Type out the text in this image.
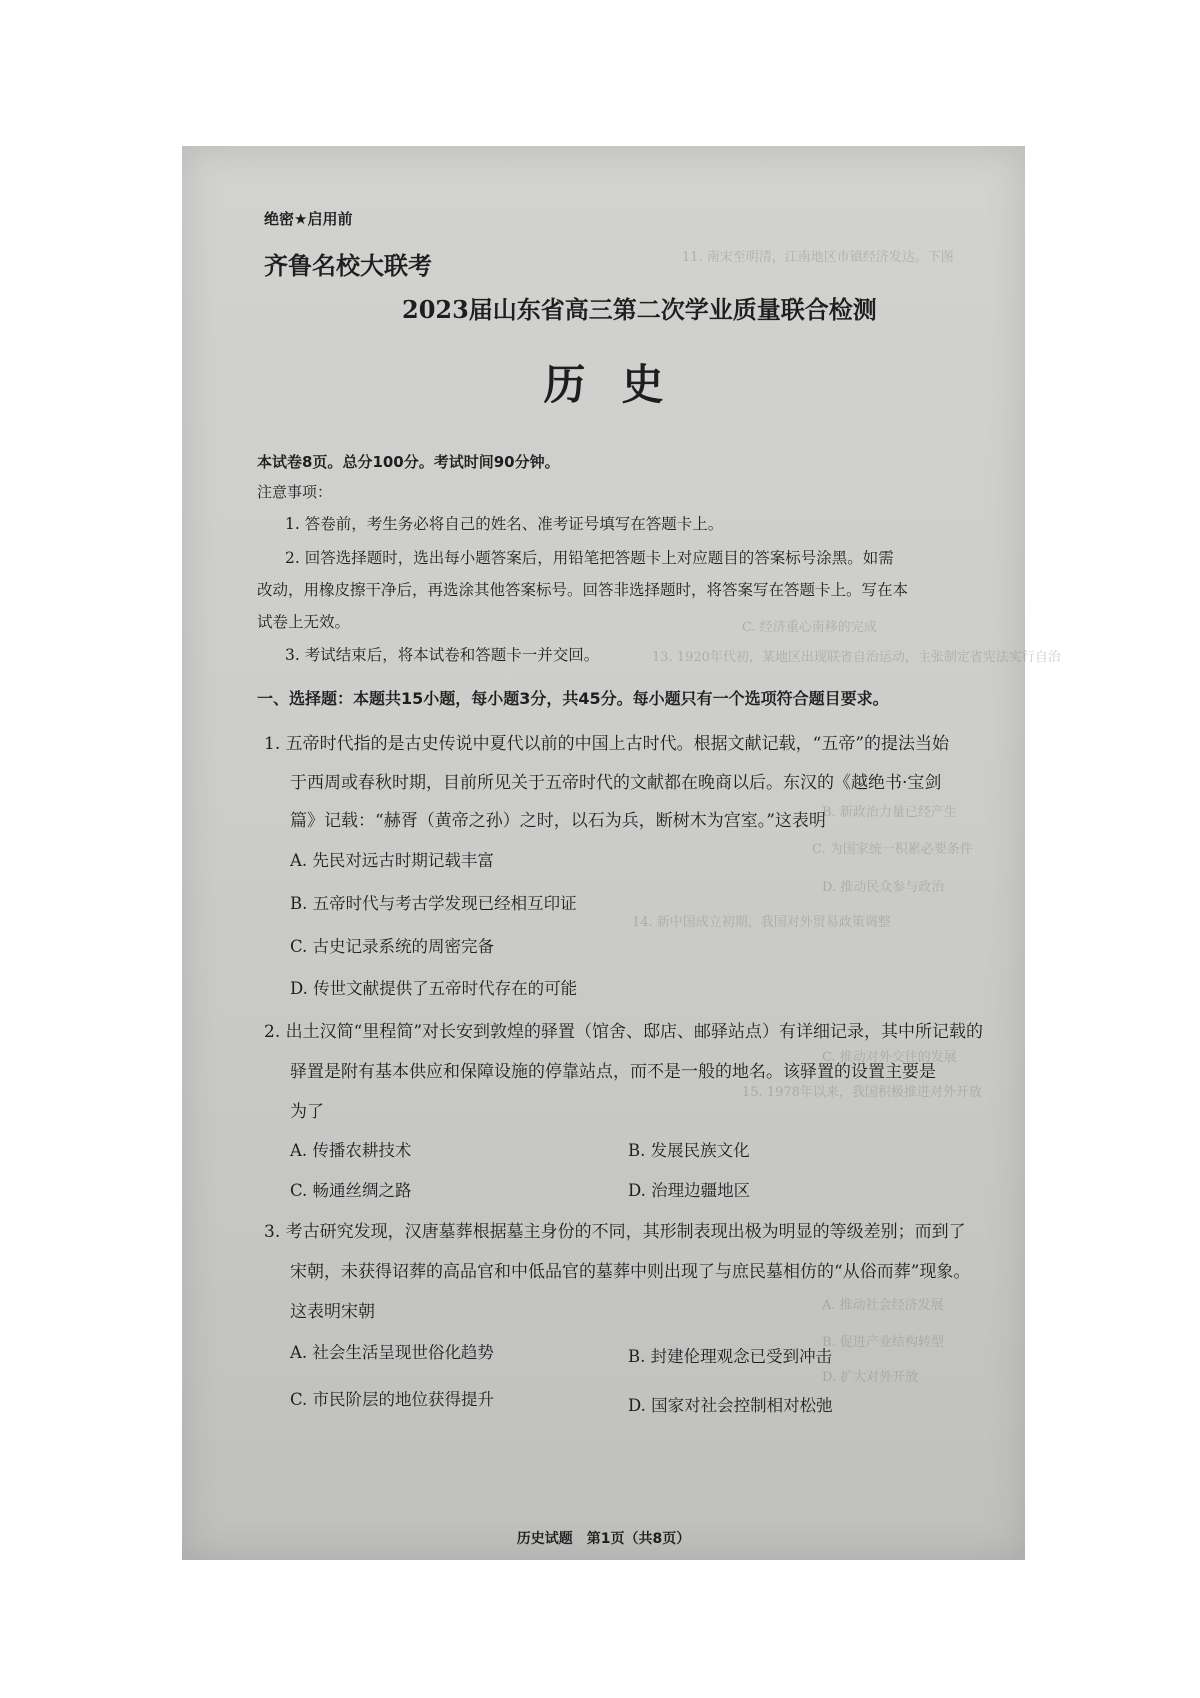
11. 南宋至明清，江南地区市镇经济发达。下图
C. 经济重心南移的完成
13. 1920年代初，某地区出现联省自治运动，主张制定省宪法实行自治
B. 新政治力量已经产生
C. 为国家统一积累必要条件
D. 推动民众参与政治
14. 新中国成立初期，我国对外贸易政策调整
C. 推动对外交往的发展
15. 1978年以来，我国积极推进对外开放
A. 推动社会经济发展
B. 促进产业结构转型
D. 扩大对外开放
绝密★启用前
齐鲁名校大联考
2023届山东省高三第二次学业质量联合检测
历史
本试卷8页。总分100分。考试时间90分钟。
注意事项：
1. 答卷前，考生务必将自己的姓名、准考证号填写在答题卡上。
2. 回答选择题时，选出每小题答案后，用铅笔把答题卡上对应题目的答案标号涂黑。如需
改动，用橡皮擦干净后，再选涂其他答案标号。回答非选择题时，将答案写在答题卡上。写在本
试卷上无效。
3. 考试结束后，将本试卷和答题卡一并交回。
一、选择题：本题共15小题，每小题3分，共45分。每小题只有一个选项符合题目要求。
1. 五帝时代指的是古史传说中夏代以前的中国上古时代。根据文献记载，“五帝”的提法当始
于西周或春秋时期，目前所见关于五帝时代的文献都在晚商以后。东汉的《越绝书·宝剑
篇》记载：“赫胥（黄帝之孙）之时，以石为兵，断树木为宫室。”这表明
A. 先民对远古时期记载丰富
B. 五帝时代与考古学发现已经相互印证
C. 古史记录系统的周密完备
D. 传世文献提供了五帝时代存在的可能
2. 出土汉简“里程简”对长安到敦煌的驿置（馆舍、邸店、邮驿站点）有详细记录，其中所记载的
驿置是附有基本供应和保障设施的停靠站点，而不是一般的地名。该驿置的设置主要是
为了
A. 传播农耕技术	B. 发展民族文化
C. 畅通丝绸之路	D. 治理边疆地区
3. 考古研究发现，汉唐墓葬根据墓主身份的不同，其形制表现出极为明显的等级差别；而到了
宋朝，未获得诏葬的高品官和中低品官的墓葬中则出现了与庶民墓相仿的“从俗而葬”现象。
这表明宋朝
A. 社会生活呈现世俗化趋势	B. 封建伦理观念已受到冲击
C. 市民阶层的地位获得提升	D. 国家对社会控制相对松弛
历史试题　第1页（共8页）
